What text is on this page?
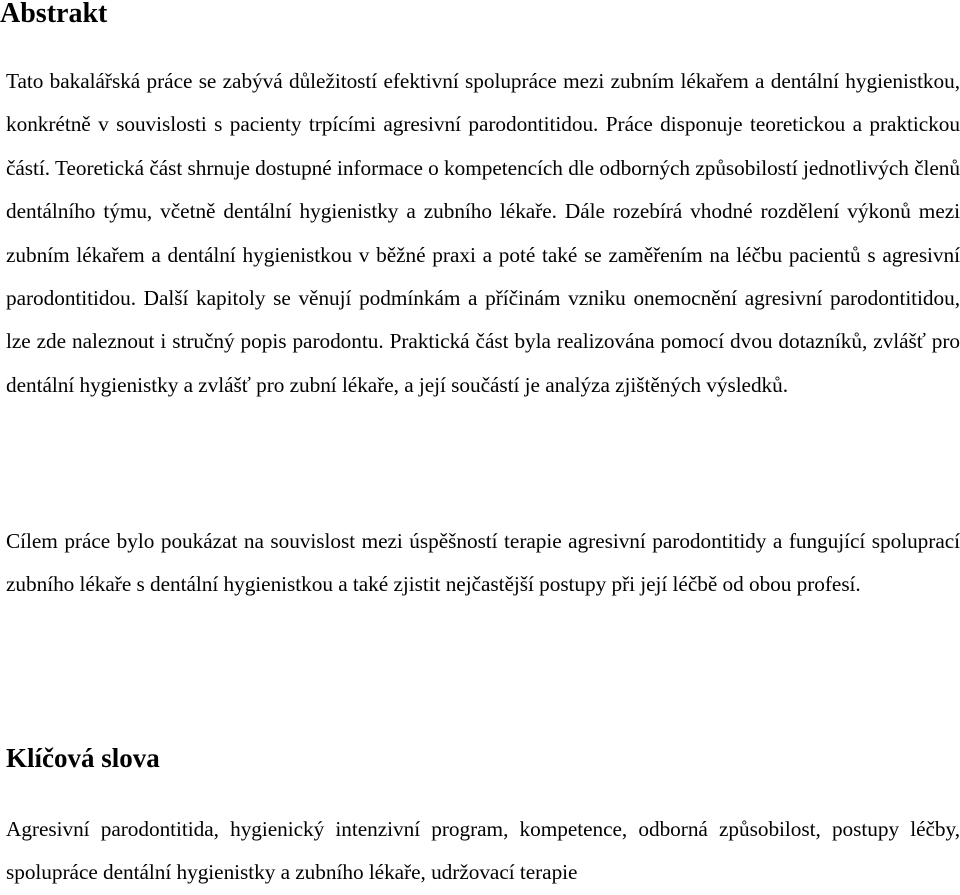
Abstrakt

Tato bakalářská práce se zabývá důležitostí efektivní spolupráce mezi zubním lékařem a dentální hygienistkou, konkrétně v souvislosti s pacienty trpícími agresivní parodontitidou. Práce disponuje teoretickou a praktickou částí. Teoretická část shrnuje dostupné informace o kompetencích dle odborných způsobilostí jednotlivých členů dentálního týmu, včetně dentální hygienistky a zubního lékaře. Dále rozebírá vhodné rozdělení výkonů mezi zubním lékařem a dentální hygienistkou v běžné praxi a poté také se zaměřením na léčbu pacientů s agresivní parodontitidou. Další kapitoly se věnují podmínkám a příčinám vzniku onemocnění agresivní parodontitidou, lze zde naleznout i stručný popis parodontu. Praktická část byla realizována pomocí dvou dotazníků, zvlášť pro dentální hygienistky a zvlášť pro zubní lékaře, a její součástí je analýza zjištěných výsledků.

Cílem práce bylo poukázat na souvislost mezi úspěšností terapie agresivní parodontitidy a fungující spoluprací zubního lékaře s dentální hygienistkou a také zjistit nejčastější postupy při její léčbě od obou profesí.

Klíčová slova

Agresivní parodontitida, hygienický intenzivní program, kompetence, odborná způsobilost, postupy léčby, spolupráce dentální hygienistky a zubního lékaře, udržovací terapie
